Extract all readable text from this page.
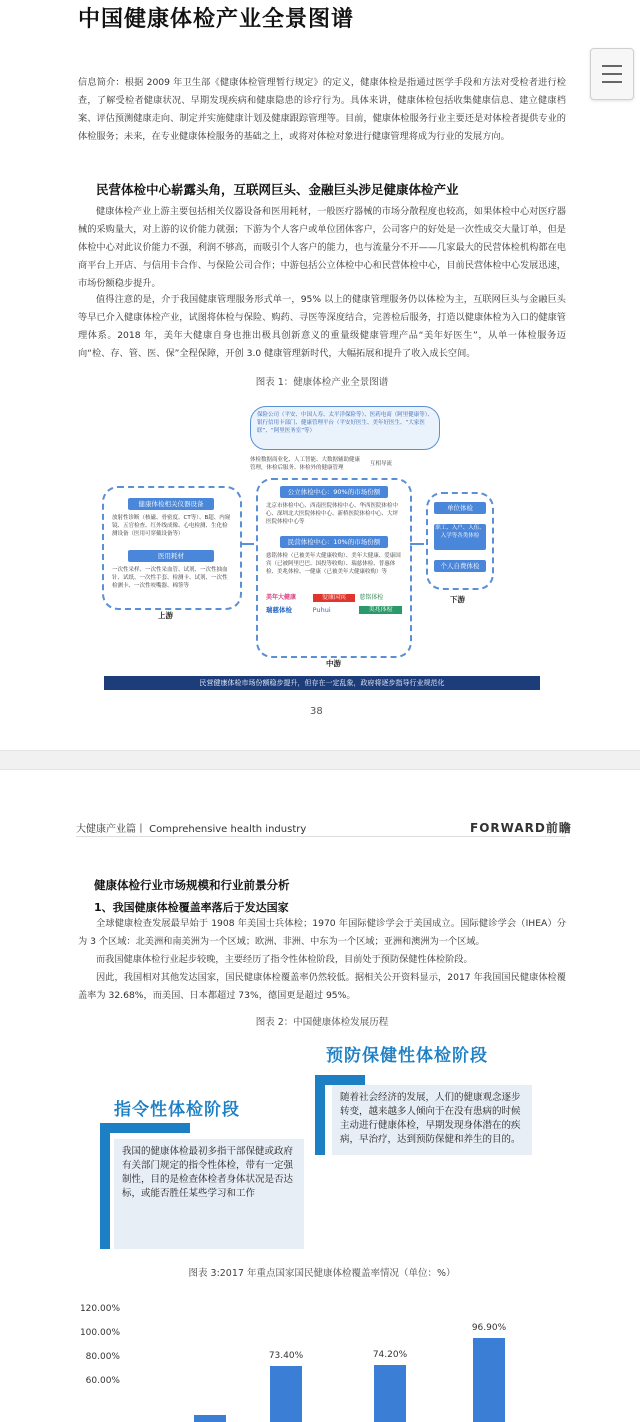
中国健康体检产业全景图谱
信息简介：根据 2009 年卫生部《健康体检管理暂行规定》的定义，健康体检是指通过医学手段和方法对受检者进行检查，了解受检者健康状况、早期发现疾病和健康隐患的诊疗行为。具体来讲，健康体检包括收集健康信息、建立健康档案、评估预测健康走向、制定并实施健康计划及健康跟踪管理等。目前，健康体检服务行业主要还是对体检者提供专业的体检服务；未来，在专业健康体检服务的基础之上，或将对体检对象进行健康管理将成为行业的发展方向。
民营体检中心崭露头角，互联网巨头、金融巨头涉足健康体检产业
健康体检产业上游主要包括相关仪器设备和医用耗材，一般医疗器械的市场分散程度也较高，如果体检中心对医疗器械的采购量大，对上游的议价能力就强；下游为个人客户或单位团体客户，公司客户的好处是一次性成交大量订单，但是体检中心对此议价能力不强，利润不够高，而吸引个人客户的能力，也与流量分不开——几家最大的民营体检机构都在电商平台上开店、与信用卡合作、与保险公司合作；中游包括公立体检中心和民营体检中心，目前民营体检中心发展迅速，市场份额稳步提升。
值得注意的是，介于我国健康管理服务形式单一，95% 以上的健康管理服务仍以体检为主，互联网巨头与金融巨头等早已介入健康体检产业，试图将体检与保险、购药、寻医等深度结合，完善检后服务，打造以健康体检为入口的健康管理体系。2018 年，美年大健康自身也推出极具创新意义的重量级健康管理产品“美年好医生”，从单一体检服务迈向“检、存、管、医、保”全程保障，开创 3.0 健康管理新时代，大幅拓展和提升了收入成长空间。
图表 1：健康体检产业全景图谱
保险公司（平安、中国人寿、太平洋保险等）、医药电商（阿里健康等）、银行信用卡部门、健康管理平台（平安好医生、美年好医生、“大家医联”、“阿里医务室”等）
体检数据商业化、人工智能、大数据辅助健康管理，体检后服务、体检外的健康管理
互相导流
健康体检相关仪器设备
放射性诊断（核磁、骨密度、CT等）、B超、内窥镜、五官检查、红外线成像、心电检测、生化检测设备（医用可穿戴设备等）
医用耗材
一次性采样、一次性采血管、试剂、一次性抽血针、试纸、一次性手套、检测卡、试剂、一次性检测卡、一次性咬嘴器、棉签等
上游
公立体检中心：90%的市场份额
北京市体检中心、西南医院体检中心、华西医院体检中心、深圳北大医院体检中心、新桥医院体检中心、大坪医院体检中心等
民营体检中心：10%的市场份额
慈铭体检（已被美年大健康收购）、美年大健康、爱康国宾（已被阿里巴巴、国投等收购）、瑞慈体检、普惠体检、美兆体检、一健康（已被美年大健康收购）等
美年大健康	爱康国宾	慈铭体检
瑞慈体检	Puhui	美兆体检
中游
单位体检
职工、入户、入伍、入学等各类体检
个人自费体检
下游
民营健康体检市场份额稳步提升，但存在一定乱象，政府将逐步指导行业规范化
38
大健康产业篇丨 Comprehensive health industry	FORWARD前瞻
健康体检行业市场规模和行业前景分析
1、我国健康体检覆盖率落后于发达国家
全球健康检查发展最早始于 1908 年美国士兵体检；1970 年国际健诊学会于美国成立。国际健诊学会（IHEA）分为 3 个区域：北美洲和南美洲为一个区域；欧洲、非洲、中东为一个区域；亚洲和澳洲为一个区域。
而我国健康体检行业起步较晚，主要经历了指令性体检阶段，目前处于预防保健性体检阶段。
因此，我国相对其他发达国家，国民健康体检覆盖率仍然较低。据相关公开资料显示，2017 年我国国民健康体检覆盖率为 32.68%，而美国、日本都超过 73%，德国更是超过 95%。
图表 2：中国健康体检发展历程
预防保健性体检阶段
随着社会经济的发展，人们的健康观念逐步转变，越来越多人倾向于在没有患病的时候主动进行健康体检，早期发现身体潜在的疾病，早治疗，达到预防保健和养生的目的。
指令性体检阶段
我国的健康体检最初多指干部保健或政府有关部门规定的指令性体检，带有一定强制性，目的是检查体检者身体状况是否达标，或能否胜任某些学习和工作
图表 3:2017 年重点国家国民健康体检覆盖率情况（单位：%）
120.00%
100.00%
80.00%
60.00%
73.40%	74.20%
96.90%
